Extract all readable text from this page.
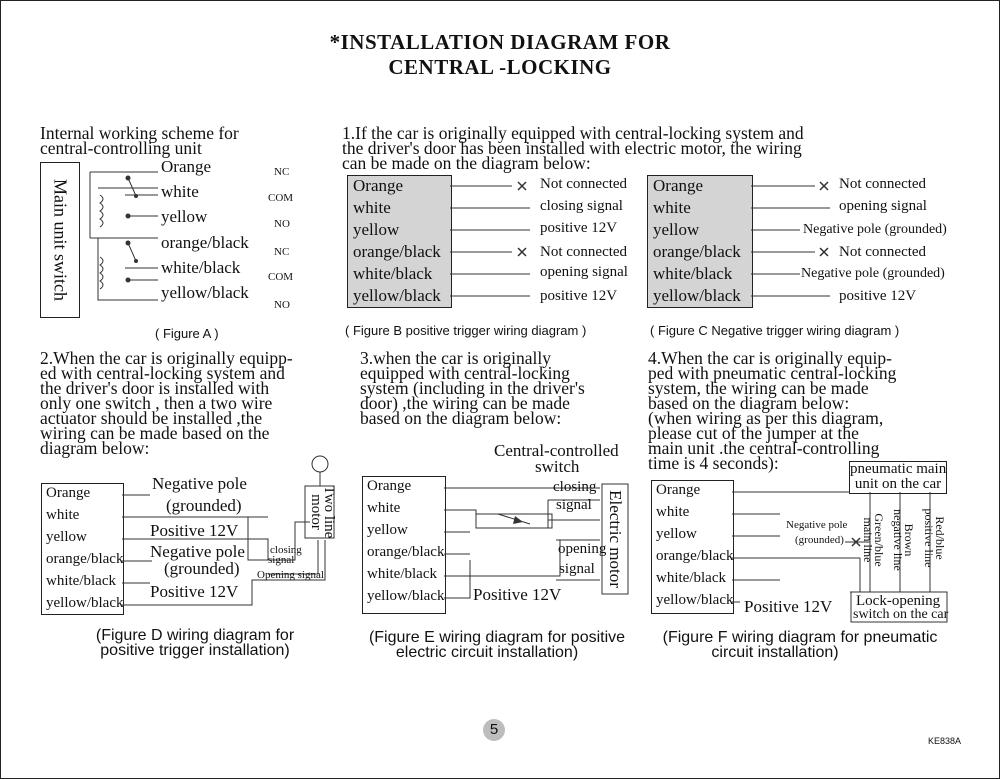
*INSTALLATION DIAGRAM FOR
CENTRAL -LOCKING
Internal working scheme for
central-controlling unit
Main unit switch
Orange
white
yellow
orange/black
white/black
yellow/black
NC
COM
NO
NC
COM
NO
( Figure A )
1.If the car is originally equipped with central-locking system and
the driver's door has been installed with electric motor, the wiring
can be made on the diagram below:
Orange
white
yellow
orange/black
white/black
yellow/black
Not connected
closing signal
positive 12V
Not connected
opening signal
positive 12V
( Figure B positive trigger wiring diagram )
Orange
white
yellow
orange/black
white/black
yellow/black
Not connected
opening signal
Negative pole (grounded)
Not connected
Negative pole (grounded)
positive 12V
( Figure C Negative trigger wiring diagram )
2.When the car is originally equipp-
ed with central-locking system and
the driver's door is installed with
only one switch , then a two wire
actuator should be installed ,the
wiring can be made based on the
diagram below:
Orange
white
yellow
orange/black
white/black
yellow/black
Negative pole
(grounded)
Positive 12V
Negative pole
(grounded)
Positive 12V
closing
signal
Opening signal
Two line
motor
(Figure D wiring diagram for
positive trigger installation)
3.when the car is originally
equipped with central-locking
system (including in the driver's
door) ,the wiring can be made
based on the diagram below:
Central-controlled
switch
Orange
white
yellow
orange/black
white/black
yellow/black
closing
signal
opening
signal Electric motor
Positive 12V
(Figure E wiring diagram for positive
electric circuit installation)
4.When the car is originally equip-
ped with pneumatic central-locking
system, the wiring can be made
based on the diagram below:
(when wiring as per this diagram,
please cut of the jumper at the
main unit .the central-controlling
time is 4 seconds):	pneumatic main
unit on the car
Orange
white
yellow
orange/black
white/black
yellow/black
Negative pole
(grounded) Green/blue
main line Brown
negative line Red/blue
positive line
Positive 12V Lock-opening
switch on the car
(Figure F wiring diagram for pneumatic
circuit installation)
5
KE838A
